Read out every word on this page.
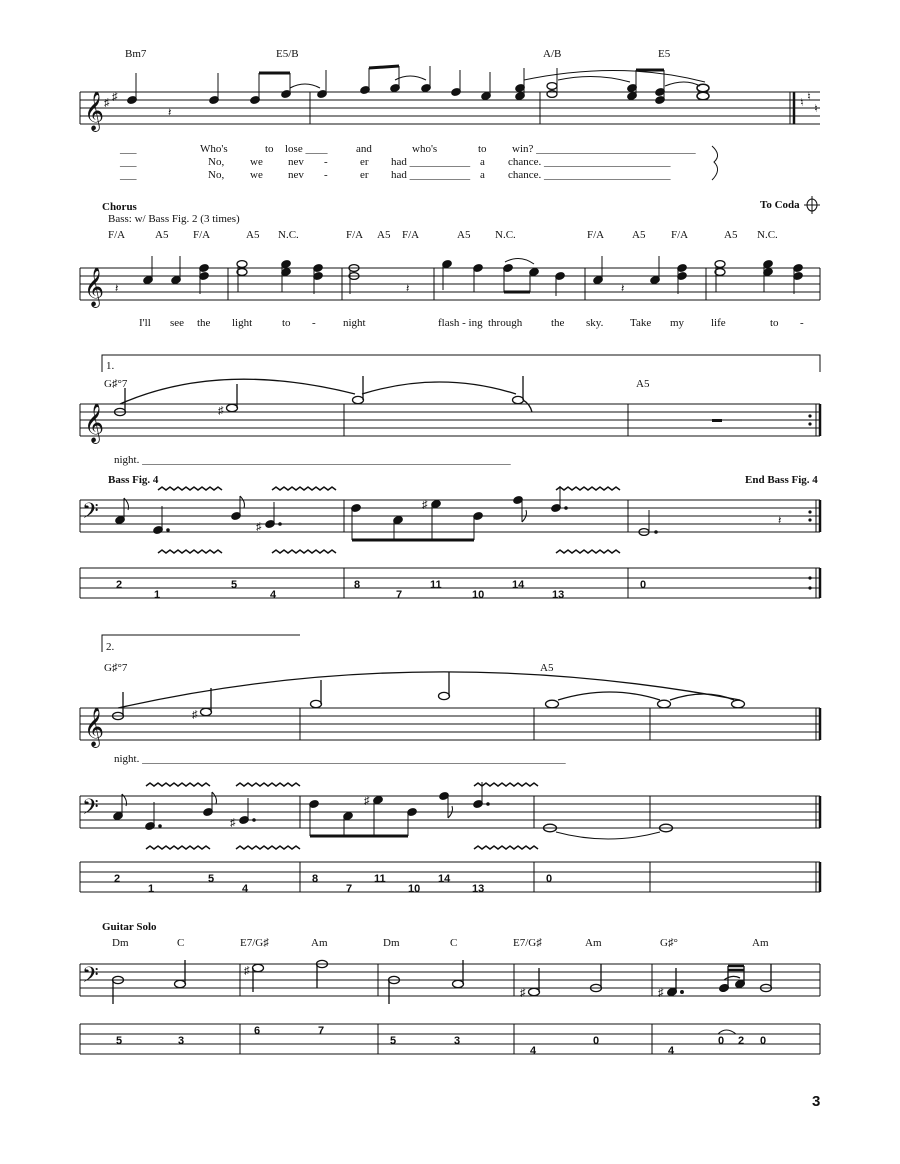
𝄞 ♯ ♯	♮ ♮
♮
𝄽
Bm7	E5/B	A/B	E5
___	Who's	to lose ____	and	who's	to win? _____________________________
___	No, we nev -	er had ___________ a chance. _______________________
___	No, we nev -	er had ___________ a chance. _______________________
Chorus
Bass: w/ Bass Fig. 2 (3 times)
To Coda
𝄞 𝄽	𝄽	𝄽
F/A	A5 F/A	A5 N.C.	F/A A5 F/A	A5 N.C.	F/A	A5 F/A	A5 N.C.
I'll see the light	to - night	flash - ing through	the sky. Take my life	to -
1.
G♯°7	A5
𝄞	♯
night. ___________________________________________________________________
Bass Fig. 4	End Bass Fig. 4
𝄢	♯
♯
𝄽
2
1
5
4
8
7
11
10
14
13
0
2.
G♯°7	A5
𝄞	♯
night. _____________________________________________________________________________
𝄢	♯
♯
2
1
5
4
8
7
11
10
14
13
0
Guitar Solo
Dm	C	E7/G♯	Am	Dm	C	E7/G♯	Am	G♯°	Am
𝄢	♯
♯	♯
5	3
6	7
5	3
4
0
4
0 2 0
3
